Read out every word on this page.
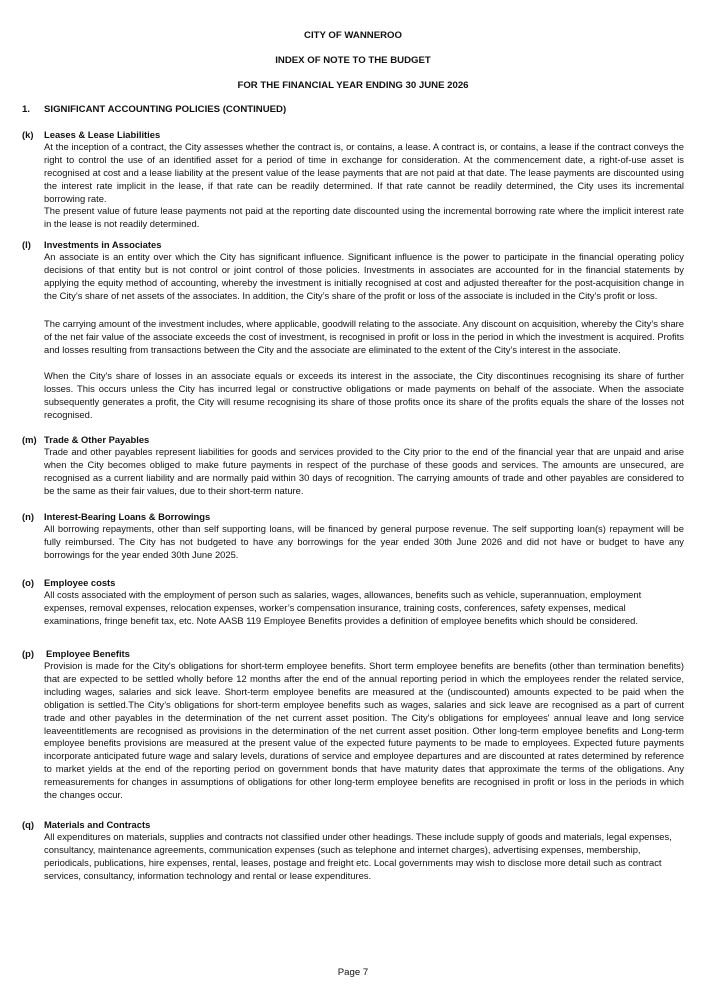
CITY OF WANNEROO
INDEX OF NOTE TO THE BUDGET
FOR THE FINANCIAL YEAR ENDING 30 JUNE 2026
1. SIGNIFICANT ACCOUNTING POLICIES (CONTINUED)
(k) Leases & Lease Liabilities

At the inception of a contract, the City assesses whether the contract is, or contains, a lease. A contract is, or contains, a lease if the contract conveys the right to control the use of an identified asset for a period of time in exchange for consideration. At the commencement date, a right-of-use asset is recognised at cost and a lease liability at the present value of the lease payments that are not paid at that date. The lease payments are discounted using the interest rate implicit in the lease, if that rate can be readily determined. If that rate cannot be readily determined, the City uses its incremental borrowing rate.

The present value of future lease payments not paid at the reporting date discounted using the incremental borrowing rate where the implicit interest rate in the lease is not readily determined.

(l) Investments in Associates

An associate is an entity over which the City has significant influence. Significant influence is the power to participate in the financial operating policy decisions of that entity but is not control or joint control of those policies. Investments in associates are accounted for in the financial statements by applying the equity method of accounting, whereby the investment is initially recognised at cost and adjusted thereafter for the post-acquisition change in the City’s share of net assets of the associates. In addition, the City’s share of the profit or loss of the associate is included in the City’s profit or loss.

The carrying amount of the investment includes, where applicable, goodwill relating to the associate. Any discount on acquisition, whereby the City’s share of the net fair value of the associate exceeds the cost of investment, is recognised in profit or loss in the period in which the investment is acquired. Profits and losses resulting from transactions between the City and the associate are eliminated to the extent of the City’s interest in the associate.

When the City's share of losses in an associate equals or exceeds its interest in the associate, the City discontinues recognising its share of further losses. This occurs unless the City has incurred legal or constructive obligations or made payments on behalf of the associate. When the associate subsequently generates a profit, the City will resume recognising its share of those profits once its share of the profits equals the share of the losses not recognised.

(m) Trade & Other Payables

Trade and other payables represent liabilities for goods and services provided to the City prior to the end of the financial year that are unpaid and arise when the City becomes obliged to make future payments in respect of the purchase of these goods and services. The amounts are unsecured, are recognised as a current liability and are normally paid within 30 days of recognition. The carrying amounts of trade and other payables are considered to be the same as their fair values, due to their short-term nature.

(n) Interest-Bearing Loans & Borrowings

All borrowing repayments, other than self supporting loans, will be financed by general purpose revenue. The self supporting loan(s) repayment will be fully reimbursed. The City has not budgeted to have any borrowings for the year ended 30th June 2026 and did not have or budget to have any borrowings for the year ended 30th June 2025.

(o) Employee costs

All costs associated with the employment of person such as salaries, wages, allowances, benefits such as vehicle, superannuation, employment expenses, removal expenses, relocation expenses, worker’s compensation insurance, training costs, conferences, safety expenses, medical examinations, fringe benefit tax, etc. Note AASB 119 Employee Benefits provides a definition of employee benefits which should be considered.

(p) Employee Benefits

Provision is made for the City's obligations for short-term employee benefits. Short term employee benefits are benefits (other than termination benefits) that are expected to be settled wholly before 12 months after the end of the annual reporting period in which the employees render the related service, including wages, salaries and sick leave. Short-term employee benefits are measured at the (undiscounted) amounts expected to be paid when the obligation is settled.The City’s obligations for short-term employee benefits such as wages, salaries and sick leave are recognised as a part of current trade and other payables in the determination of the net current asset position. The City's obligations for employees' annual leave and long service leaveentitlements are recognised as provisions in the determination of the net current asset position. Other long-term employee benefits and Long-term employee benefits provisions are measured at the present value of the expected future payments to be made to employees. Expected future payments incorporate anticipated future wage and salary levels, durations of service and employee departures and are discounted at rates determined by reference to market yields at the end of the reporting period on government bonds that have maturity dates that approximate the terms of the obligations. Any remeasurements for changes in assumptions of obligations for other long-term employee benefits are recognised in profit or loss in the periods in which the changes occur.

(q) Materials and Contracts

All expenditures on materials, supplies and contracts not classified under other headings. These include supply of goods and materials, legal expenses, consultancy, maintenance agreements, communication expenses (such as telephone and internet charges), advertising expenses, membership, periodicals, publications, hire expenses, rental, leases, postage and freight etc. Local governments may wish to disclose more detail such as contract services, consultancy, information technology and rental or lease expenditures.

Page 7
